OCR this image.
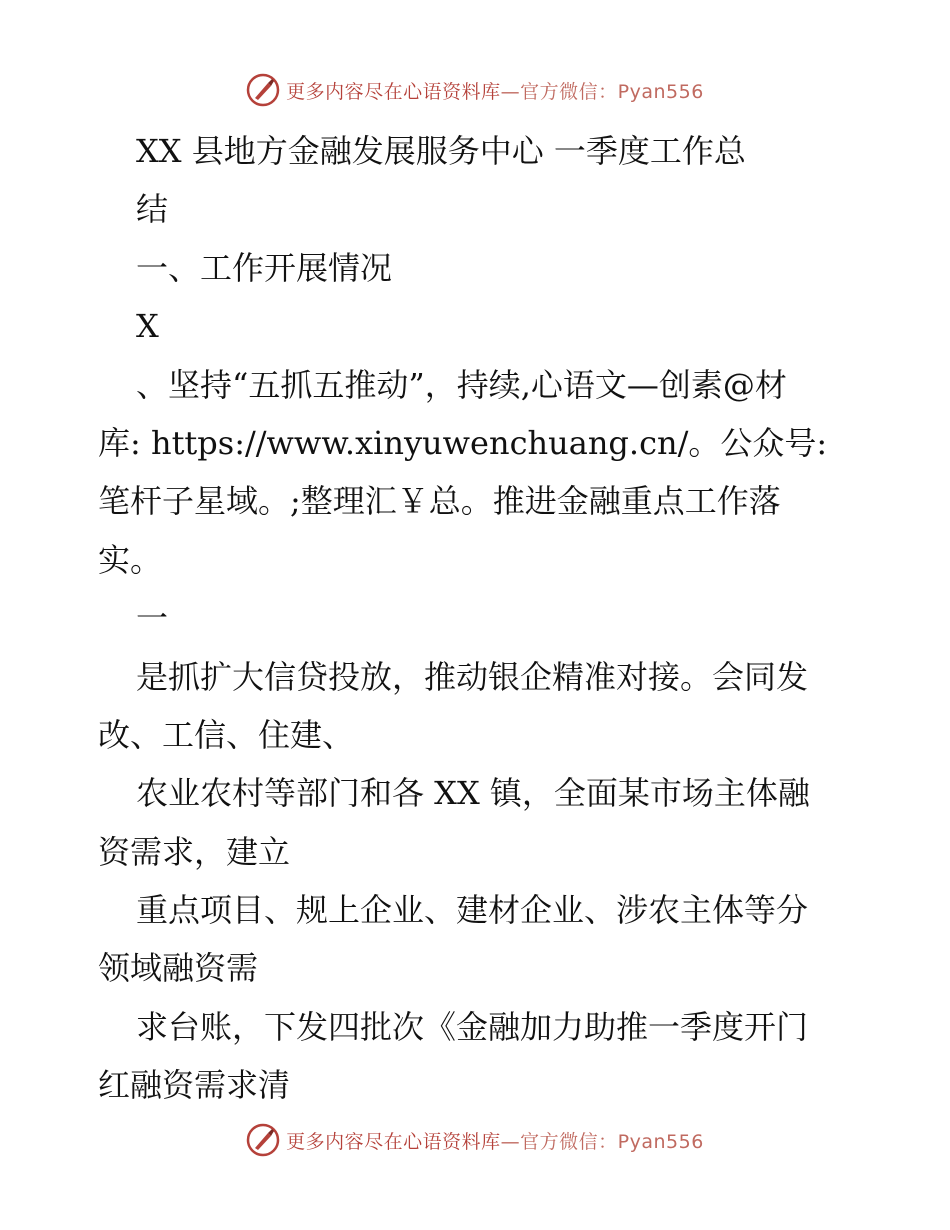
更多内容尽在心语资料库 —官方微信：Pyan556
XX 县地方金融发展服务中心 一季度工作总
结
一、工作开展情况
X
、坚持“五抓五推动”，持续,心语文—创素@材
库: https://www.xinyuwenchuang.cn/。公众号:
笔杆子星域。;整理汇￥总。推进金融重点工作落
实。
一
是抓扩大信贷投放，推动银企精准对接。会同发
改、工信、住建、
农业农村等部门和各 XX 镇，全面某市场主体融
资需求，建立
重点项目、规上企业、建材企业、涉农主体等分
领域融资需
求台账，下发四批次《金融加力助推一季度开门
红融资需求清
更多内容尽在心语资料库 —官方微信：Pyan556
